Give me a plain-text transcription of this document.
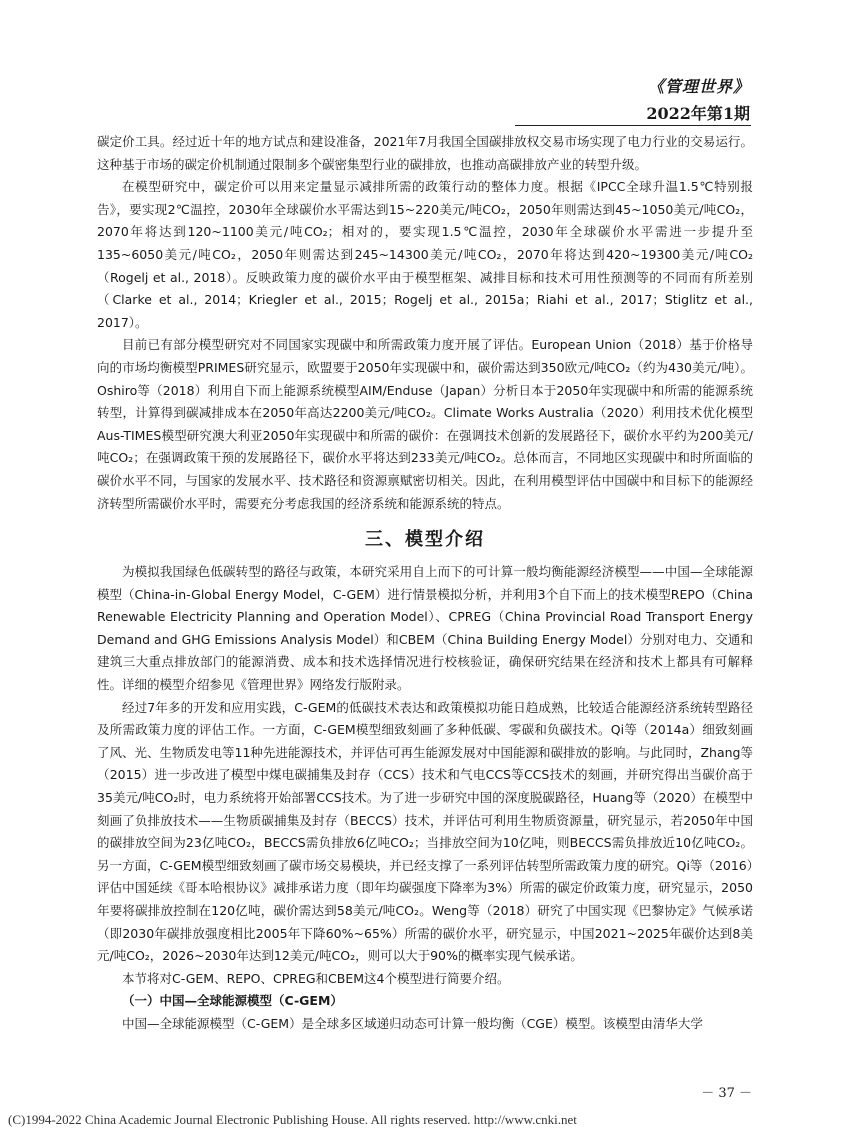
《管理世界》
2022年第1期

碳定价工具。经过近十年的地方试点和建设准备，2021年7月我国全国碳排放权交易市场实现了电力行业的交易运行。这种基于市场的碳定价机制通过限制多个碳密集型行业的碳排放，也推动高碳排放产业的转型升级。

在模型研究中，碳定价可以用来定量显示减排所需的政策行动的整体力度。根据《IPCC全球升温1.5℃特别报告》，要实现2℃温控，2030年全球碳价水平需达到15~220美元/吨CO₂，2050年则需达到45~1050美元/吨CO₂，2070年将达到120~1100美元/吨CO₂；相对的，要实现1.5℃温控，2030年全球碳价水平需进一步提升至135~6050美元/吨CO₂，2050年则需达到245~14300美元/吨CO₂，2070年将达到420~19300美元/吨CO₂（Rogelj et al., 2018）。反映政策力度的碳价水平由于模型框架、减排目标和技术可用性预测等的不同而有所差别（Clarke et al., 2014；Kriegler et al., 2015；Rogelj et al., 2015a；Riahi et al., 2017；Stiglitz et al., 2017）。

目前已有部分模型研究对不同国家实现碳中和所需政策力度开展了评估。European Union（2018）基于价格导向的市场均衡模型PRIMES研究显示，欧盟要于2050年实现碳中和，碳价需达到350欧元/吨CO₂（约为430美元/吨）。Oshiro等（2018）利用自下而上能源系统模型AIM/Enduse（Japan）分析日本于2050年实现碳中和所需的能源系统转型，计算得到碳减排成本在2050年高达2200美元/吨CO₂。Climate Works Australia（2020）利用技术优化模型Aus-TIMES模型研究澳大利亚2050年实现碳中和所需的碳价：在强调技术创新的发展路径下，碳价水平约为200美元/吨CO₂；在强调政策干预的发展路径下，碳价水平将达到233美元/吨CO₂。总体而言，不同地区实现碳中和时所面临的碳价水平不同，与国家的发展水平、技术路径和资源禀赋密切相关。因此，在利用模型评估中国碳中和目标下的能源经济转型所需碳价水平时，需要充分考虑我国的经济系统和能源系统的特点。

三、模型介绍

为模拟我国绿色低碳转型的路径与政策，本研究采用自上而下的可计算一般均衡能源经济模型——中国—全球能源模型（China-in-Global Energy Model，C-GEM）进行情景模拟分析，并利用3个自下而上的技术模型REPO（China Renewable Electricity Planning and Operation Model）、CPREG（China Provincial Road Transport Energy Demand and GHG Emissions Analysis Model）和CBEM（China Building Energy Model）分别对电力、交通和建筑三大重点排放部门的能源消费、成本和技术选择情况进行校核验证，确保研究结果在经济和技术上都具有可解释性。详细的模型介绍参见《管理世界》网络发行版附录。

经过7年多的开发和应用实践，C-GEM的低碳技术表达和政策模拟功能日趋成熟，比较适合能源经济系统转型路径及所需政策力度的评估工作。一方面，C-GEM模型细致刻画了多种低碳、零碳和负碳技术。Qi等（2014a）细致刻画了风、光、生物质发电等11种先进能源技术，并评估可再生能源发展对中国能源和碳排放的影响。与此同时，Zhang等（2015）进一步改进了模型中煤电碳捕集及封存（CCS）技术和气电CCS等CCS技术的刻画，并研究得出当碳价高于35美元/吨CO₂时，电力系统将开始部署CCS技术。为了进一步研究中国的深度脱碳路径，Huang等（2020）在模型中刻画了负排放技术——生物质碳捕集及封存（BECCS）技术，并评估可利用生物质资源量，研究显示，若2050年中国的碳排放空间为23亿吨CO₂，BECCS需负排放6亿吨CO₂；当排放空间为10亿吨，则BECCS需负排放近10亿吨CO₂。另一方面，C-GEM模型细致刻画了碳市场交易模块，并已经支撑了一系列评估转型所需政策力度的研究。Qi等（2016）评估中国延续《哥本哈根协议》减排承诺力度（即年均碳强度下降率为3%）所需的碳定价政策力度，研究显示，2050年要将碳排放控制在120亿吨，碳价需达到58美元/吨CO₂。Weng等（2018）研究了中国实现《巴黎协定》气候承诺（即2030年碳排放强度相比2005年下降60%~65%）所需的碳价水平，研究显示，中国2021~2025年碳价达到8美元/吨CO₂，2026~2030年达到12美元/吨CO₂，则可以大于90%的概率实现气候承诺。

本节将对C-GEM、REPO、CPREG和CBEM这4个模型进行简要介绍。

（一）中国—全球能源模型（C-GEM）

中国—全球能源模型（C-GEM）是全球多区域递归动态可计算一般均衡（CGE）模型。该模型由清华大学

－ 37 －
(C)1994-2022 China Academic Journal Electronic Publishing House. All rights reserved. http://www.cnki.net
